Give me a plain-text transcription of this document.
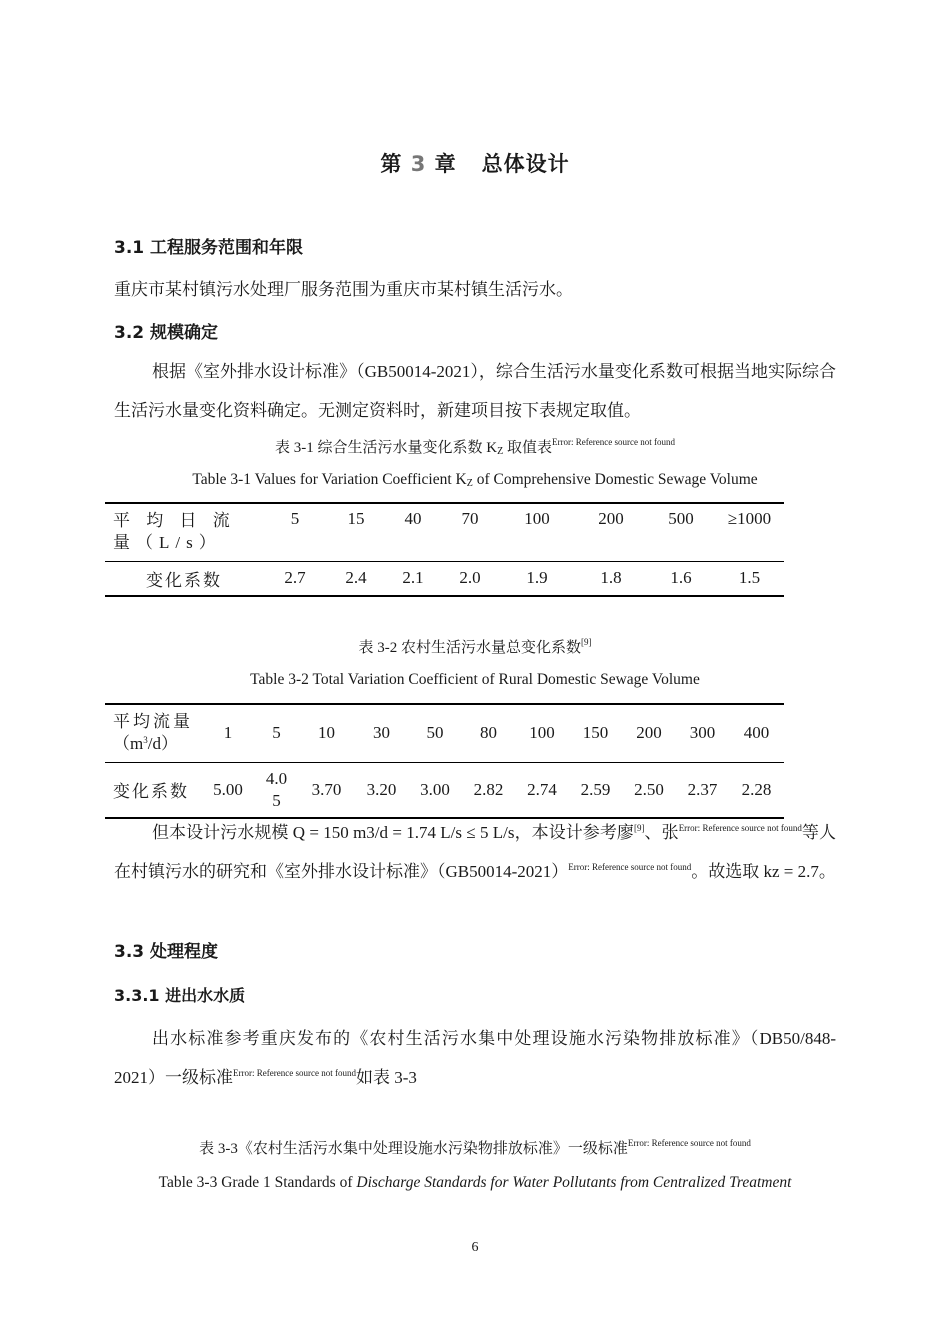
第 3 章 总体设计
3.1 工程服务范围和年限
重庆市某村镇污水处理厂服务范围为重庆市某村镇生活污水。
3.2 规模确定
根据《室外排水设计标准》（GB50014-2021），综合生活污水量变化系数可根据当地实际综合生活污水量变化资料确定。无测定资料时，新建项目按下表规定取值。
表 3-1 综合生活污水量变化系数 $K_Z$ 取值表$^{Error: Reference source not found}$
Table 3-1 Values for Variation Coefficient $K_Z$ of Comprehensive Domestic Sewage Volume
平 均 日 流 量（L/s）	5	15	40	70	100	200	500	≥1000
变化系数	2.7	2.4	2.1	2.0	1.9	1.8	1.6	1.5
表 3-2 农村生活污水量总变化系数[9]
Table 3-2 Total Variation Coefficient of Rural Domestic Sewage Volume
平均流量
$(m^3/d)$	1	5	10	30	50	80	100	150	200	300	400	
变化系数	5.00	4.0 5	3.70	3.20	3.00	2.82	2.74	2.59	2.50	2.37	2.28	
但本设计污水规模 Q = 150 m3/d = 1.74 L/s ≤ 5 L/s，本设计参考廖[9]、张$^{Error: Reference source not found}$等人在村镇污水的研究和《室外排水设计标准》（GB50014-2021）$^{Error: Reference source not found}$。故选取 kz = 2.7。
3.3 处理程度
3.3.1 进出水水质
出水标准参考重庆发布的《农村生活污水集中处理设施水污染物排放标准》（DB50/848-2021）一级标准$^{Error: Reference source not found}$如表 3-3
表 3-3《农村生活污水集中处理设施水污染物排放标准》一级标准$^{Error: Reference source not found}$
Table 3-3 Grade 1 Standards of Discharge Standards for Water Pollutants from Centralized Treatment
6
